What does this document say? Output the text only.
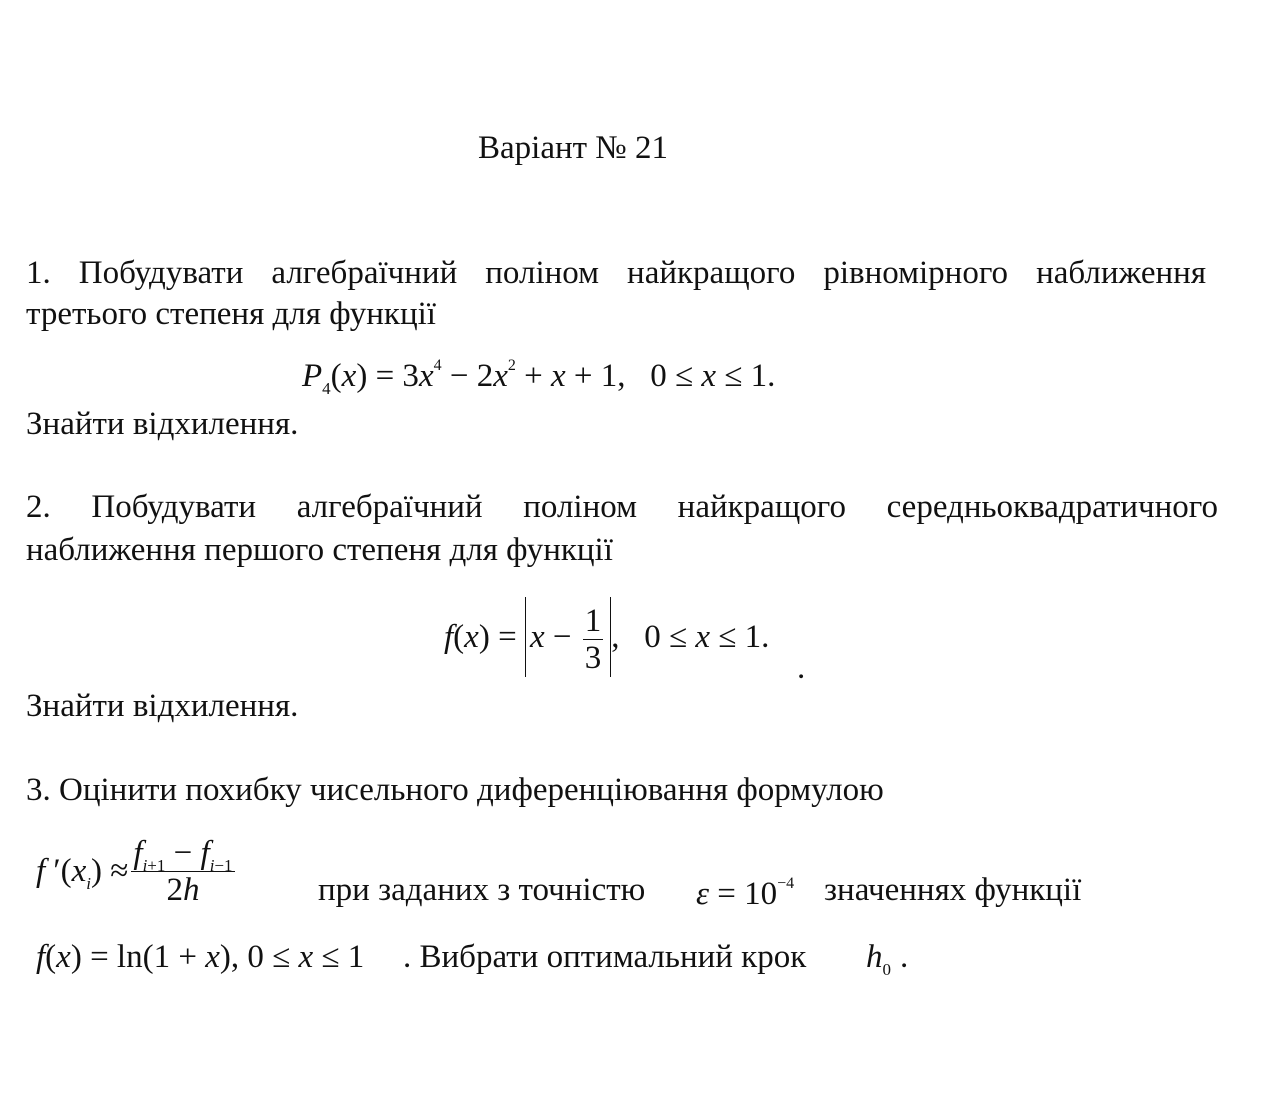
Варіант № 21
1. Побудувати алгебраїчний поліном найкращого рівномірного наближення
третього степеня для функції
$P_4(x) = 3x^4 - 2x^2 + x + 1$,   0 ≤ x ≤ 1.
Знайти відхилення.
2. Побудувати алгебраїчний поліном найкращого середньоквадратичного
наближення першого степеня для функції
$f(x) = x - \frac{1}{3}$ ,   0 ≤ x ≤ 1.
.
Знайти відхилення.
3. Оцінити похибку чисельного диференціювання формулою
f $'(x_i) \approx \frac{f_{i+1} - f_{i-1}}{2h}$	при заданих з точністю $\varepsilon = 10^{-4}$ значеннях функції
f(x) = ln(1 + x), 0 ≤ x ≤ 1 . Вибрати оптимальний крок $h_0$ .
